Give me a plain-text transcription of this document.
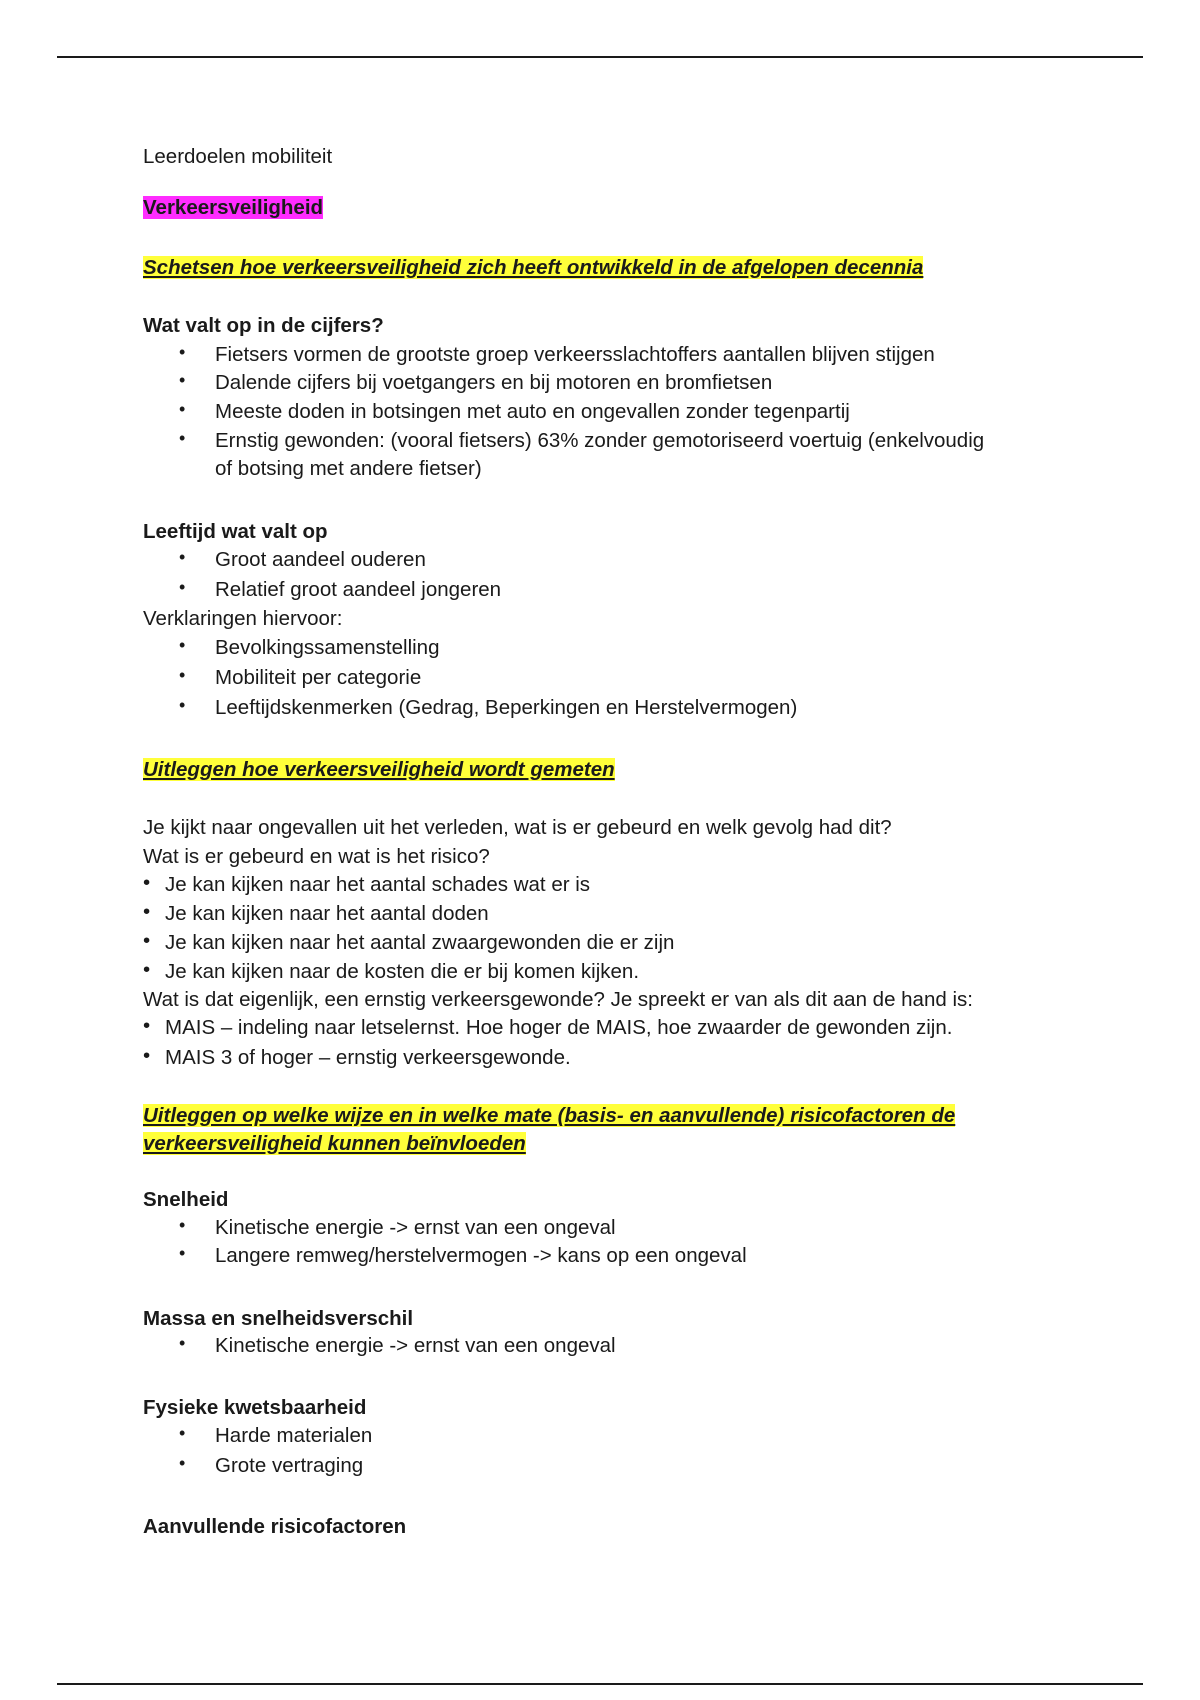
Leerdoelen mobiliteit
Verkeersveiligheid
Schetsen hoe verkeersveiligheid zich heeft ontwikkeld in de afgelopen decennia
Wat valt op in de cijfers?
•	Fietsers vormen de grootste groep verkeersslachtoffers aantallen blijven stijgen
•	Dalende cijfers bij voetgangers en bij motoren en bromfietsen
•	Meeste doden in botsingen met auto en ongevallen zonder tegenpartij
•	Ernstig gewonden: (vooral fietsers) 63% zonder gemotoriseerd voertuig (enkelvoudig
of botsing met andere fietser)
Leeftijd wat valt op
•	Groot aandeel ouderen
•	Relatief groot aandeel jongeren
Verklaringen hiervoor:
•	Bevolkingssamenstelling
•	Mobiliteit per categorie
•	Leeftijdskenmerken (Gedrag, Beperkingen en Herstelvermogen)
Uitleggen hoe verkeersveiligheid wordt gemeten
Je kijkt naar ongevallen uit het verleden, wat is er gebeurd en welk gevolg had dit?
Wat is er gebeurd en wat is het risico?
• Je kan kijken naar het aantal schades wat er is
• Je kan kijken naar het aantal doden
• Je kan kijken naar het aantal zwaargewonden die er zijn
• Je kan kijken naar de kosten die er bij komen kijken.
Wat is dat eigenlijk, een ernstig verkeersgewonde? Je spreekt er van als dit aan de hand is:
• MAIS – indeling naar letselernst. Hoe hoger de MAIS, hoe zwaarder de gewonden zijn.
• MAIS 3 of hoger – ernstig verkeersgewonde.
Uitleggen op welke wijze en in welke mate (basis- en aanvullende) risicofactoren de
verkeersveiligheid kunnen beïnvloeden
Snelheid
•	Kinetische energie -> ernst van een ongeval
•	Langere remweg/herstelvermogen -> kans op een ongeval
Massa en snelheidsverschil
•	Kinetische energie -> ernst van een ongeval
Fysieke kwetsbaarheid
•	Harde materialen
•	Grote vertraging
Aanvullende risicofactoren
